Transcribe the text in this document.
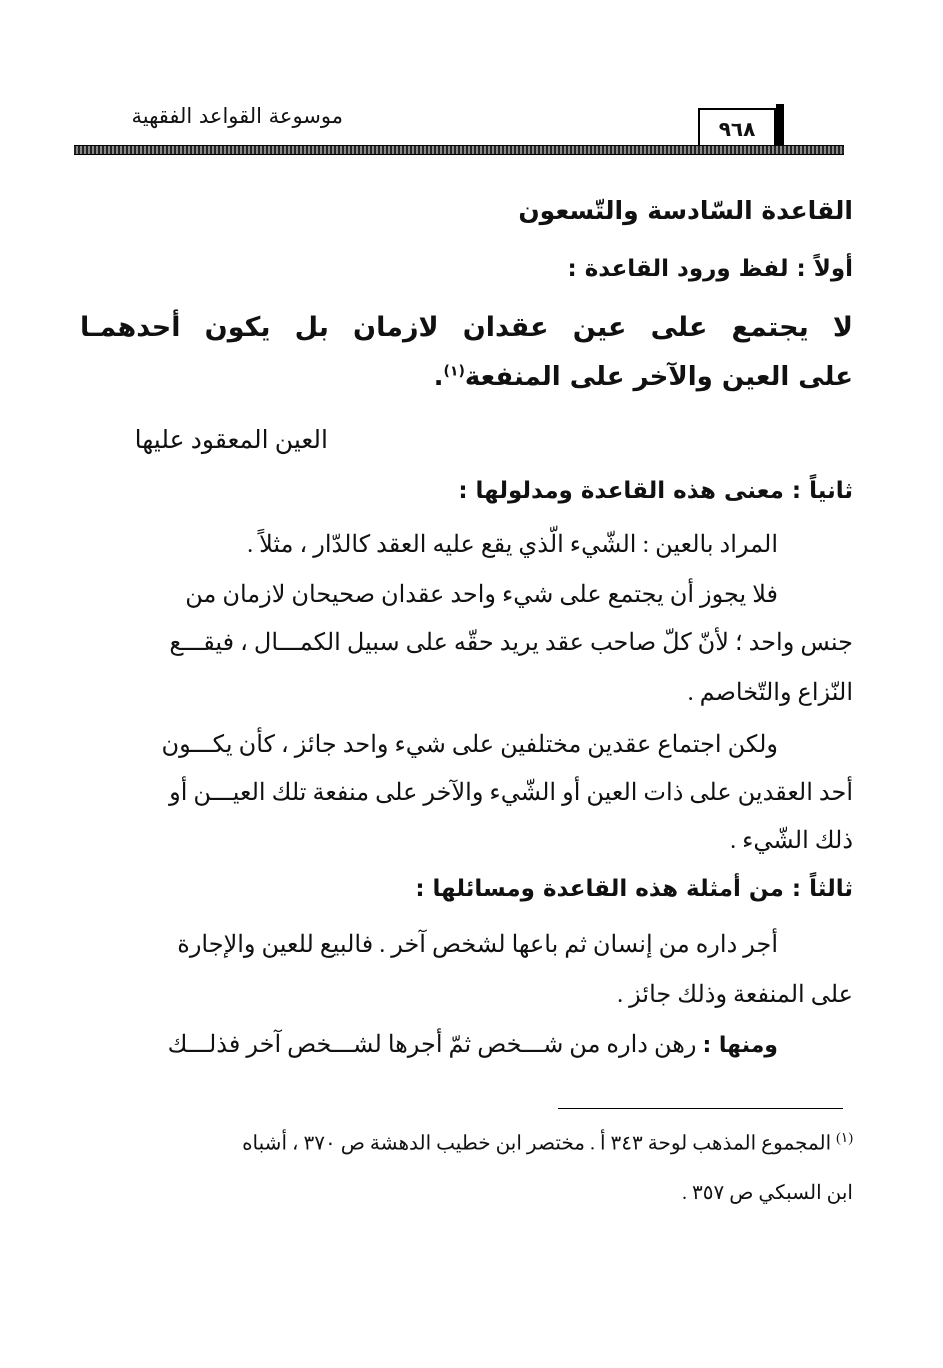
موسوعة القواعد الفقهية
٩٦٨
القاعدة السّادسة والتّسعون
أولاً : لفظ ورود القاعدة :
لا يجتمع على عين عقدان لازمان بل يكون أحدهمـا
على العين والآخر على المنفعة$^{(١)}$.
العين المعقود عليها
ثانياً : معنى هذه القاعدة ومدلولها :
المراد بالعين : الشّيء الّذي يقع عليه العقد كالدّار ، مثلاً .
فلا يجوز أن يجتمع على شيء واحد عقدان صحيحان لازمان من
جنس واحد ؛ لأنّ كلّ صاحب عقد يريد حقّه على سبيل الكمـــال ، فيقـــع
النّزاع والتّخاصم .
ولكن اجتماع عقدين مختلفين على شيء واحد جائز ، كأن يكـــون
أحد العقدين على ذات العين أو الشّيء والآخر على منفعة تلك العيـــن أو
ذلك الشّيء .
ثالثاً : من أمثلة هذه القاعدة ومسائلها :
أجر داره من إنسان ثم باعها لشخص آخر . فالبيع للعين والإجارة
على المنفعة وذلك جائز .
ومنها : رهن داره من شـــخص ثمّ أجرها لشـــخص آخر فذلـــك
$^{(١)}$ المجموع المذهب لوحة ٣٤٣ أ . مختصر ابن خطيب الدهشة ص ٣٧٠ ، أشباه
ابن السبكي ص ٣٥٧ .
